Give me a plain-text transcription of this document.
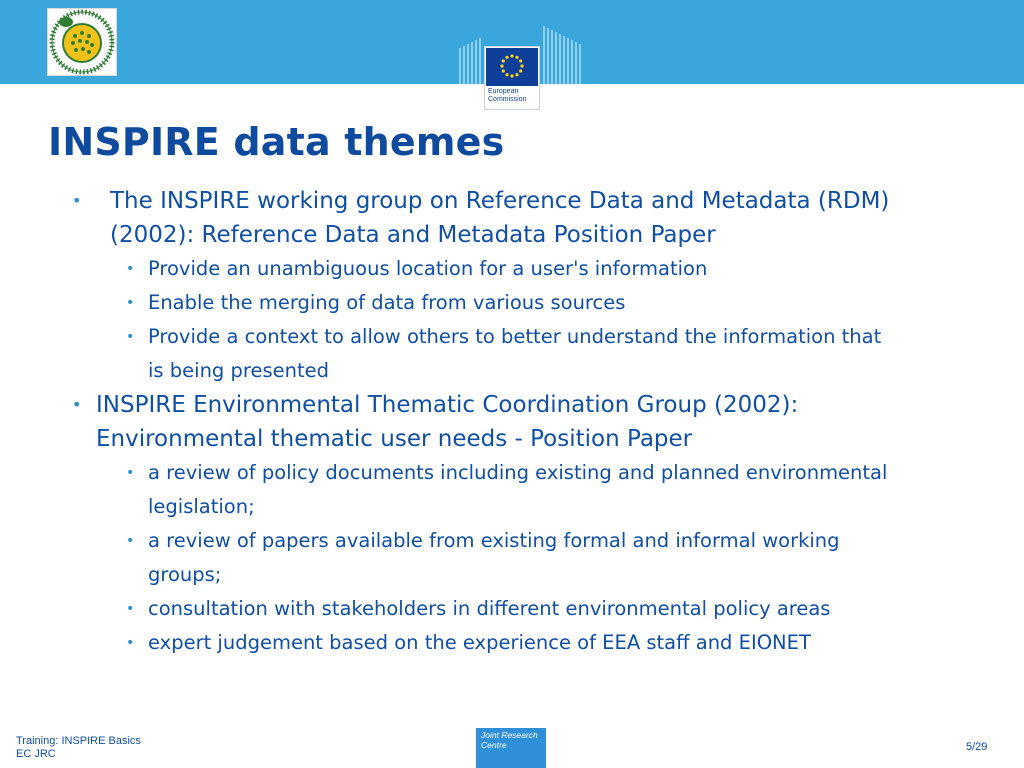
European
Commission
INSPIRE data themes
• The INSPIRE working group on Reference Data and Metadata (RDM) (2002): Reference Data and Metadata Position Paper
• Provide an unambiguous location for a user's information
• Enable the merging of data from various sources
• Provide a context to allow others to better understand the information that is being presented
• INSPIRE Environmental Thematic Coordination Group (2002): Environmental thematic user needs - Position Paper
• a review of policy documents including existing and planned environmental legislation;
• a review of papers available from existing formal and informal working groups;
• consultation with stakeholders in different environmental policy areas
• expert judgement based on the experience of EEA staff and EIONET
Training: INSPIRE Basics
EC JRC
Joint Research Centre	5/29
